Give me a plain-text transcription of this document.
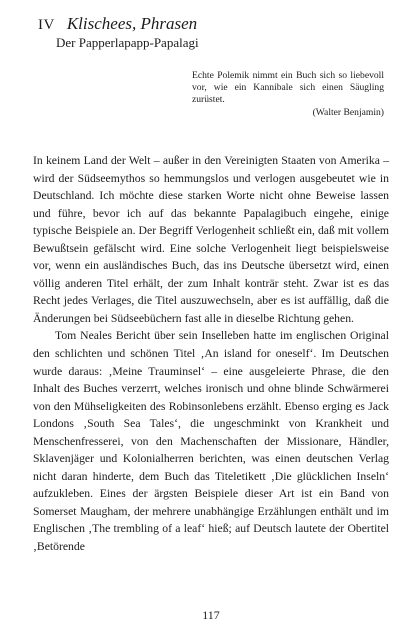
IV Klischees, Phrasen
Der Papperlapapp-Papalagi

Echte Polemik nimmt ein Buch sich so liebevoll vor, wie ein Kannibale sich einen Säugling zurüstet.

(Walter Benjamin)

In keinem Land der Welt – außer in den Vereinigten Staaten von Amerika – wird der Südseemythos so hemmungslos und verlogen ausgebeutet wie in Deutschland. Ich möchte diese starken Worte nicht ohne Beweise lassen und führe, bevor ich auf das bekannte Papalagibuch eingehe, einige typische Beispiele an. Der Begriff Verlogenheit schließt ein, daß mit vollem Bewußtsein gefälscht wird. Eine solche Verlogenheit liegt beispielsweise vor, wenn ein ausländisches Buch, das ins Deutsche übersetzt wird, einen völlig anderen Titel erhält, der zum Inhalt konträr steht. Zwar ist es das Recht jedes Verlages, die Titel auszuwechseln, aber es ist auffällig, daß die Änderungen bei Südseebüchern fast alle in dieselbe Richtung gehen.

Tom Neales Bericht über sein Inselleben hatte im englischen Original den schlichten und schönen Titel ‚An island for oneself‘. Im Deutschen wurde daraus: ‚Meine Trauminsel‘ – eine ausgeleierte Phrase, die den Inhalt des Buches verzerrt, welches ironisch und ohne blinde Schwärmerei von den Mühseligkeiten des Robinsonlebens erzählt. Ebenso erging es Jack Londons ‚South Sea Tales‘, die ungeschminkt von Krankheit und Menschenfresserei, von den Machenschaften der Missionare, Händler, Sklavenjäger und Kolonialherren berichten, was einen deutschen Verlag nicht daran hinderte, dem Buch das Titeletikett ‚Die glücklichen Inseln‘ aufzukleben. Eines der ärgsten Beispiele dieser Art ist ein Band von Somerset Maugham, der mehrere unabhängige Erzählungen enthält und im Englischen ‚The trembling of a leaf‘ hieß; auf Deutsch lautete der Obertitel ‚Betörende

117
